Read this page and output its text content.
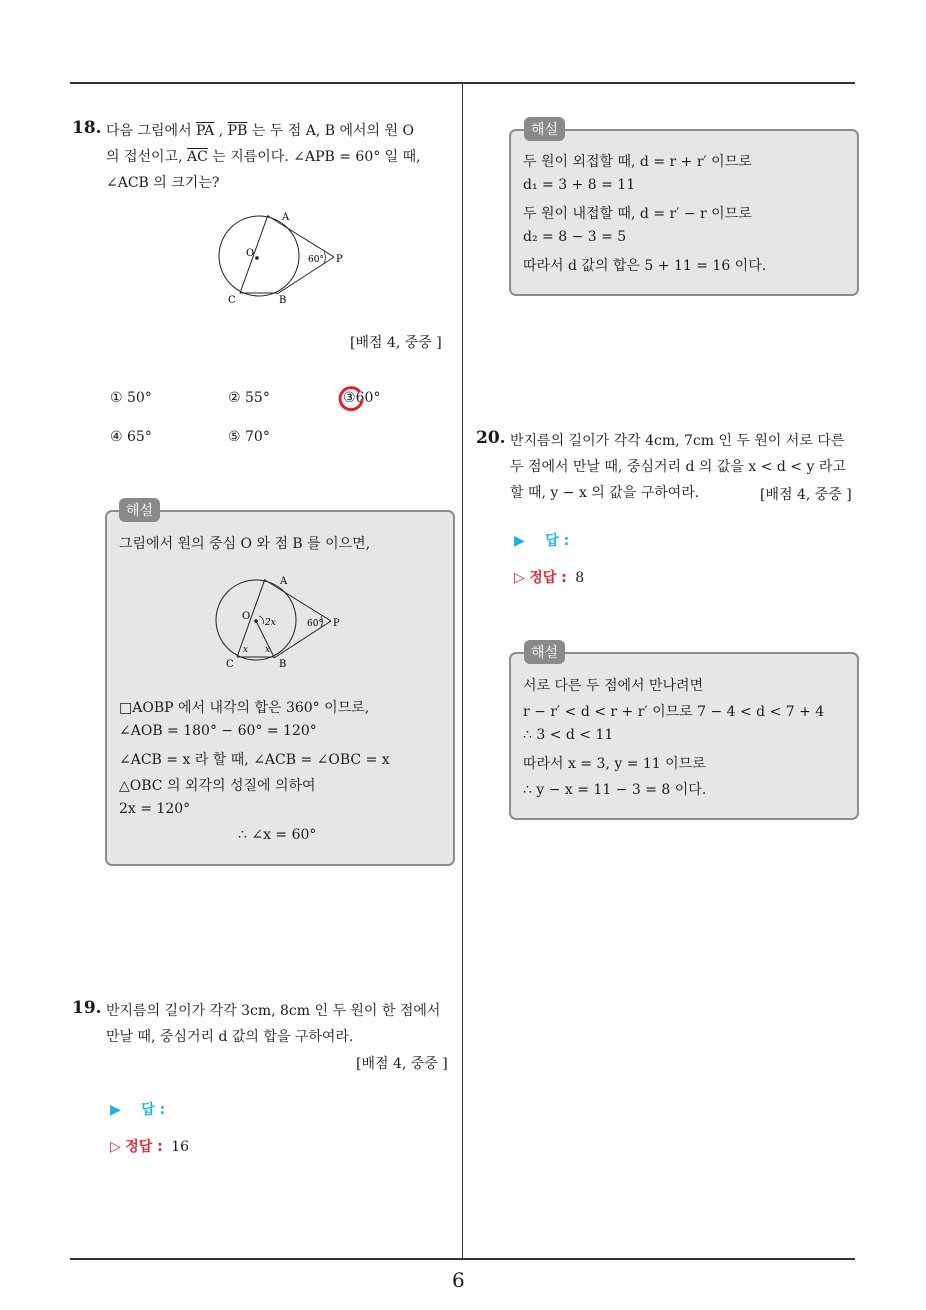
18. 다음 그림에서 $\overline{PA}$ , $\overline{PB}$ 는 두 점 A, B 에서의 원 O
의 접선이고, $\overline{AC}$ 는 지름이다. ∠APB = 60° 일 때,
∠ACB 의 크기는?
A
O
P
60°
C	B
[배점 4, 중중 ]
① 50°	② 55°	③60°
④ 65°	⑤ 70°
해설
그림에서 원의 중심 O 와 점 B 를 이으면,
A
O
2x	P
60°
x x
C	B
□AOBP 에서 내각의 합은 360° 이므로,
∠AOB = 180° − 60° = 120°
∠ACB = x 라 할 때, ∠ACB = ∠OBC = x
△OBC 의 외각의 성질에 의하여
2x = 120°
∴ ∠x = 60°
19. 반지름의 길이가 각각 3cm, 8cm 인 두 원이 한 점에서
만날 때, 중심거리 d 값의 합을 구하여라.
[배점 4, 중중 ]
▶ 답 :
▷ 정답 : 16
해설
두 원이 외접할 때, d = r + r′ 이므로
d₁ = 3 + 8 = 11
두 원이 내접할 때, d = r′ − r 이므로
d₂ = 8 − 3 = 5
따라서 d 값의 합은 5 + 11 = 16 이다.
20. 반지름의 길이가 각각 4cm, 7cm 인 두 원이 서로 다른
두 점에서 만날 때, 중심거리 d 의 값을 x < d < y 라고
할 때, y − x 의 값을 구하여라.	[배점 4, 중중 ]
▶ 답 :
▷ 정답 : 8
해설
서로 다른 두 점에서 만나려면
r − r′ < d < r + r′ 이므로 7 − 4 < d < 7 + 4
∴ 3 < d < 11
따라서 x = 3, y = 11 이므로
∴ y − x = 11 − 3 = 8 이다.
6
